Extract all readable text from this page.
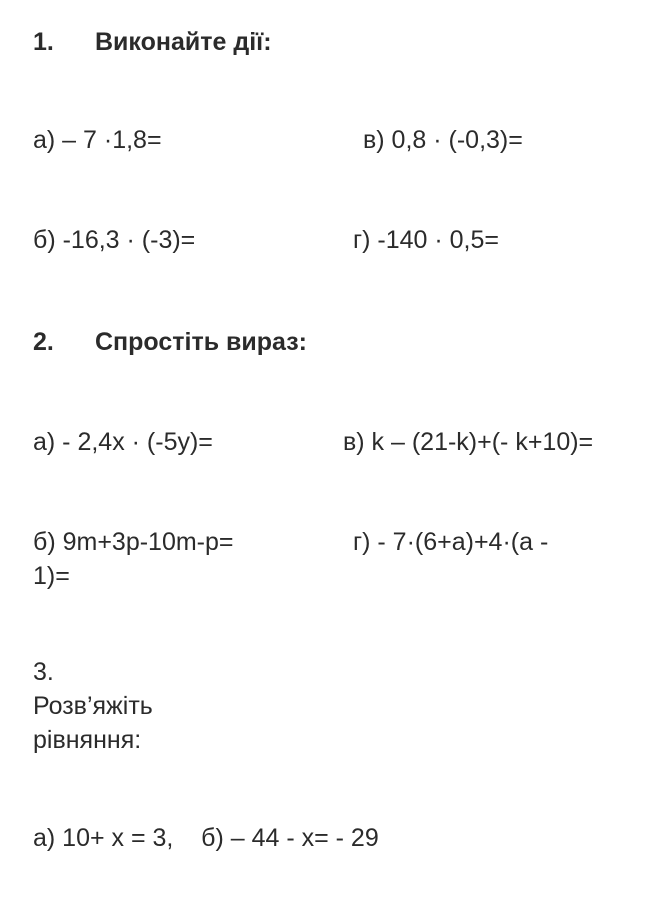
1. Виконайте дії:
а) – 7 ·1,8=	в) 0,8 · (-0,3)=
б) -16,3 · (-3)=	г) -140 · 0,5=
2. Спростіть вираз:
а) - 2,4х · (-5у)=	в) k – (21-k)+(- k+10)=
б) 9m+3p-10m-p=	г) - 7·(6+а)+4·(а -
1)=
3.
Розв’яжіть
рівняння:
а) 10+ х = 3,    б) – 44 - х= - 29
